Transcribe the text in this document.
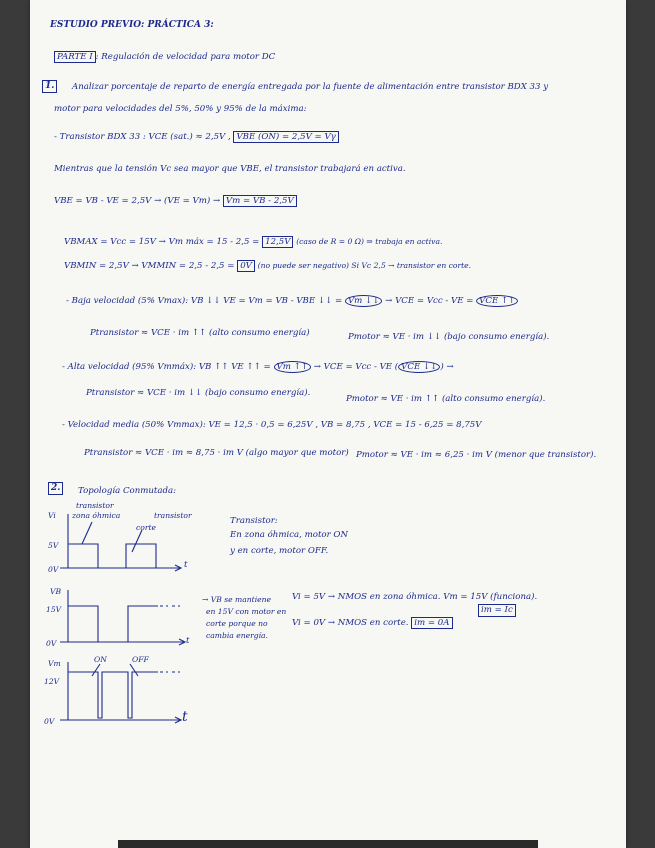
ESTUDIO PREVIO: PRÁCTICA 3:
PARTE I : Regulación de velocidad para motor DC
1.	Analizar porcentaje de reparto de energía entregada por la fuente de alimentación entre transistor BDX 33 y
motor para velocidades del 5%, 50% y 95% de la máxima:
- Transistor BDX 33 : VCE (sat.) ≈ 2,5V , VBE (ON) = 2,5V = Vγ
Mientras que la tensión Vc sea mayor que VBE, el transistor trabajará en activa.
VBE = VB - VE = 2,5V → (VE = Vm) → Vm = VB - 2,5V
VBMAX = Vcc = 15V → Vm máx = 15 - 2,5 = 12,5V (caso de R = 0 Ω) ⇒ trabaja en activa.
VBMIN = 2,5V → VMMIN = 2,5 - 2,5 = 0V (no puede ser negativo) Si Vc 2,5 → transistor en corte.
- Baja velocidad (5% Vmax): VB ↓↓ VE = Vm = VB - VBE ↓↓ = Vm ↓↓ → VCE = Vcc - VE = VCE ↑↑
Ptransistor ≈ VCE · im ↑↑ (alto consumo energía)	Pmotor ≈ VE · im ↓↓ (bajo consumo energía).
- Alta velocidad (95% Vmmáx): VB ↑↑ VE ↑↑ = Vm ↑↑ → VCE = Vcc - VE ( VCE ↓↓ ) →
Ptransistor ≈ VCE · im ↓↓ (bajo consumo energía).
Pmotor ≈ VE · im ↑↑ (alto consumo energía).
- Velocidad media (50% Vmmax): VE = 12,5 · 0,5 = 6,25V , VB = 8,75 , VCE = 15 - 6,25 = 8,75V
Ptransistor ≈ VCE · im ≈ 8,75 · im V (algo mayor que motor) Pmotor ≈ VE · im ≈ 6,25 · im V (menor que transistor).
2.	Topología Conmutada:
Vi
transistor
zona óhmica	transistor
corte
5V
0V	t
Transistor:
En zona óhmica, motor ON
y en corte, motor OFF.
VB
15V
0V	t
→ VB se mantiene
en 15V con motor en
corte porque no
cambia energía.
Vi = 5V → NMOS en zona óhmica. Vm = 15V (funciona).
im = Ic
Vi = 0V → NMOS en corte. im = 0A
Vm
12V
0V	t
ON	OFF
